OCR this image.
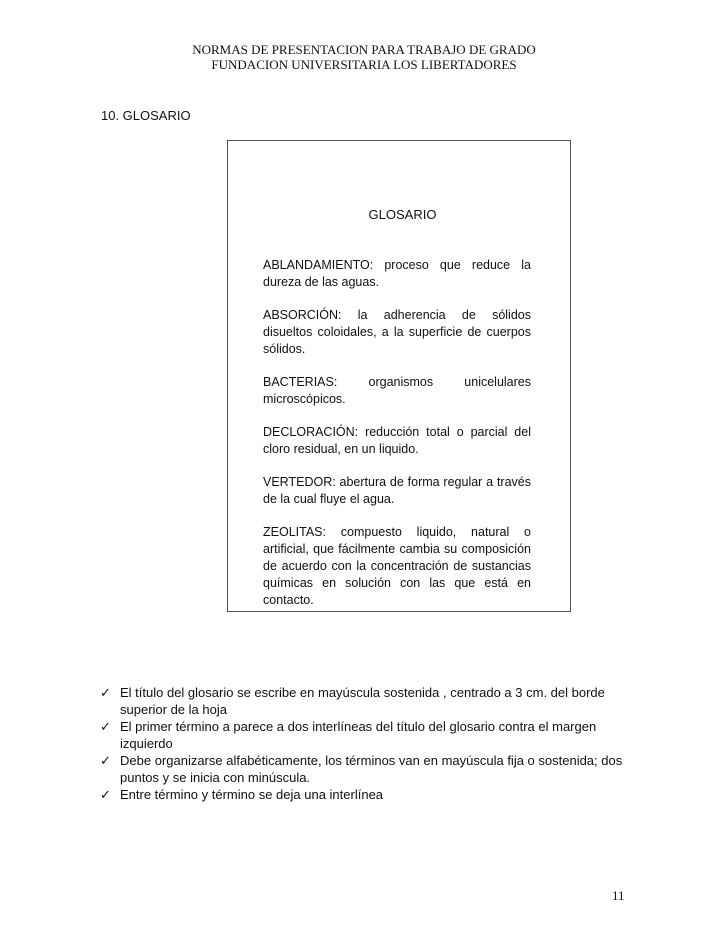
NORMAS DE PRESENTACION PARA TRABAJO DE GRADO
FUNDACION UNIVERSITARIA LOS LIBERTADORES
10. GLOSARIO
GLOSARIO

ABLANDAMIENTO: proceso que reduce la dureza de las aguas.

ABSORCIÓN: la adherencia de sólidos disueltos coloidales, a la superficie de cuerpos sólidos.

BACTERIAS: organismos unicelulares microscópicos.

DECLORACIÓN: reducción total o parcial del cloro residual, en un liquido.

VERTEDOR: abertura de forma regular a través de la cual fluye el agua.

ZEOLITAS: compuesto liquido, natural o artificial, que fácilmente cambia su composición de acuerdo con la concentración de sustancias químicas en solución con las que está en contacto.

✓ El título del glosario se escribe en mayúscula sostenida , centrado a 3 cm. del borde superior de la hoja
✓ El primer término a parece a dos interlíneas del título del glosario contra el margen izquierdo
✓ Debe organizarse alfabéticamente, los términos van en mayúscula fija o sostenida; dos puntos y se inicia con minúscula.
✓ Entre término y término se deja una interlínea
11
